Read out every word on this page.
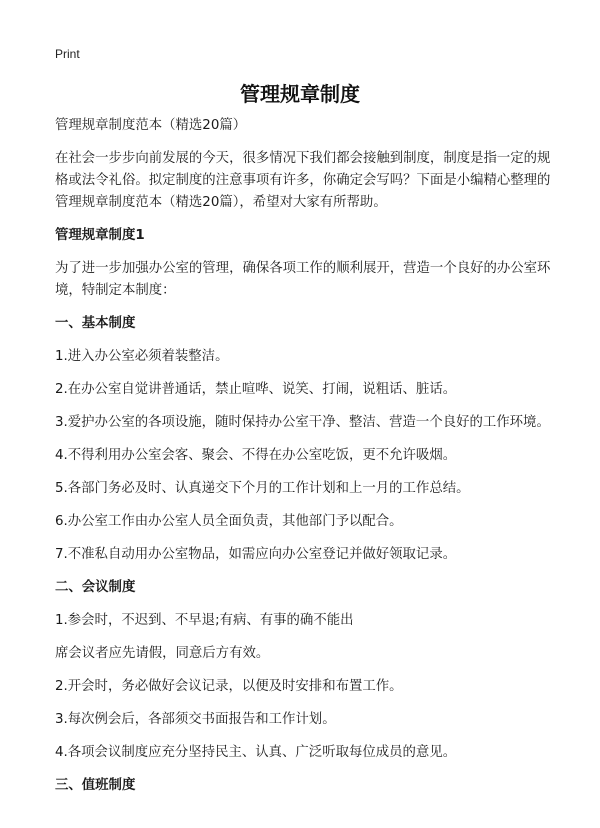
Print
管理规章制度

管理规章制度范本（精选20篇）

在社会一步步向前发展的今天，很多情况下我们都会接触到制度，制度是指一定的规格或法令礼俗。拟定制度的注意事项有许多，你确定会写吗？下面是小编精心整理的管理规章制度范本（精选20篇），希望对大家有所帮助。

管理规章制度1

为了进一步加强办公室的管理，确保各项工作的顺利展开，营造一个良好的办公室环境，特制定本制度：

一、基本制度

1.进入办公室必须着装整洁。

2.在办公室自觉讲普通话，禁止喧哗、说笑、打闹，说粗话、脏话。

3.爱护办公室的各项设施，随时保持办公室干净、整洁、营造一个良好的工作环境。

4.不得利用办公室会客、聚会、不得在办公室吃饭，更不允许吸烟。

5.各部门务必及时、认真递交下个月的工作计划和上一月的工作总结。

6.办公室工作由办公室人员全面负责，其他部门予以配合。

7.不准私自动用办公室物品，如需应向办公室登记并做好领取记录。

二、会议制度

1.参会时，不迟到、不早退;有病、有事的确不能出

席会议者应先请假，同意后方有效。

2.开会时，务必做好会议记录，以便及时安排和布置工作。

3.每次例会后，各部须交书面报告和工作计划。

4.各项会议制度应充分坚持民主、认真、广泛听取每位成员的意见。

三、值班制度
